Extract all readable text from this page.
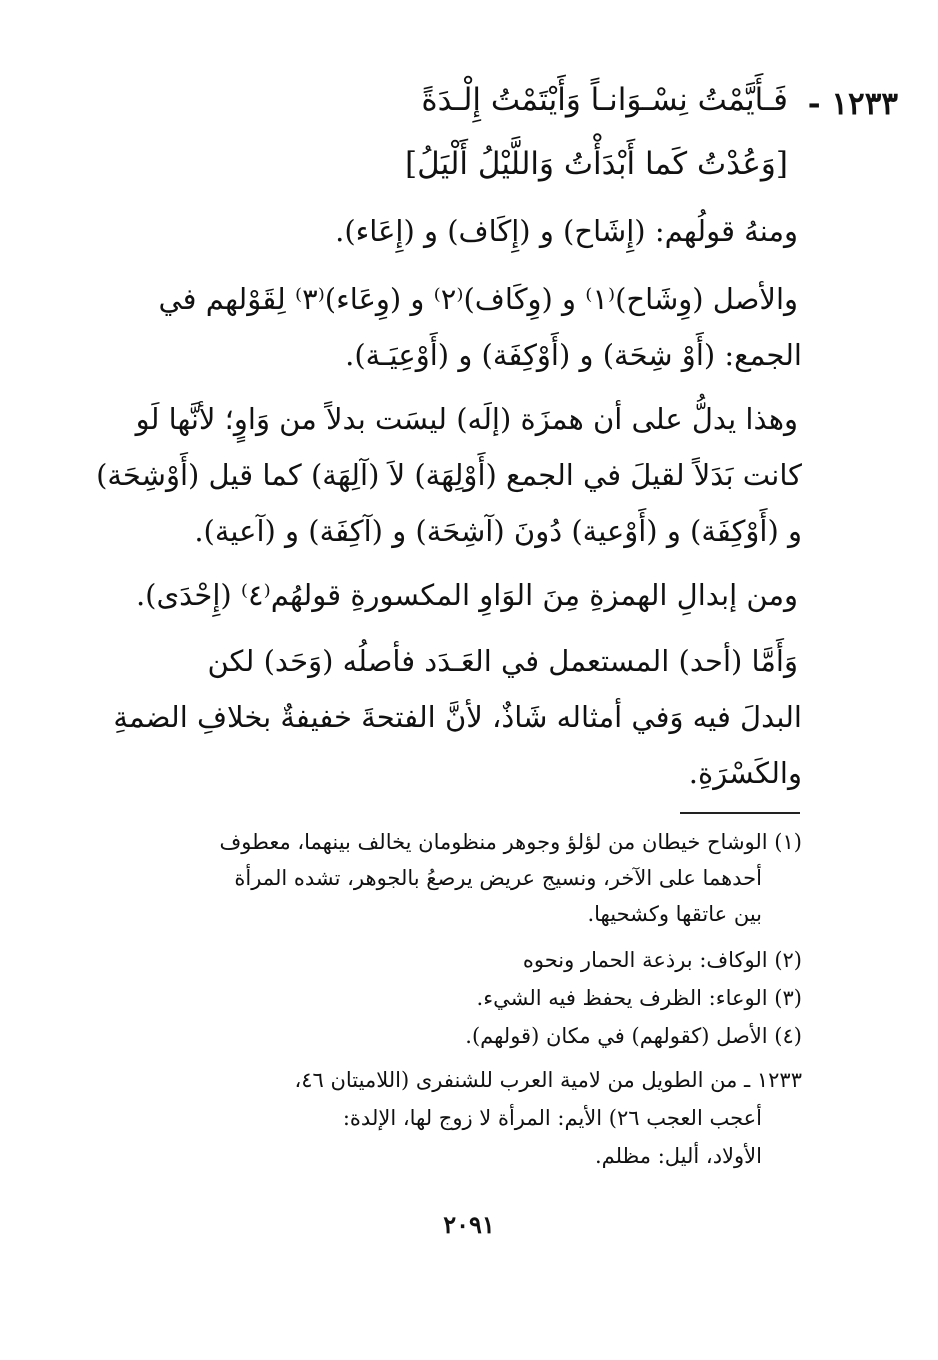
١٢٣٣ -
فَـأَيَّمْتُ نِسْـوَانـاً وَأَيْتَمْتُ إِلْـدَةً
[وَعُدْتُ كَما أَبْدَأْتُ وَاللَّيْلُ أَلْيَلُ]
ومنهُ قولُهم: (إِشَاح) و (إِكَاف) و (إِعَاء).
والأصل (وِشَاح)⁽١⁾ و (وِكَاف)⁽٢⁾ و (وِعَاء)⁽٣⁾ لِقَوْلهم في
الجمع: (أَوْ شِحَة) و (أَوْكِفَة) و (أَوْعِيَـة).
وهذا يدلُّ على أن همزَة (إلَه) ليسَت بدلاً من وَاوٍ؛ لأنَّها لَو
كانت بَدَلاً لقيلَ في الجمع (أَوْلِهَة) لاَ (آلِهَة) كما قيل (أَوْشِحَة)
و (أَوْكِفَة) و (أَوْعية) دُونَ (آشِحَة) و (آكِفَة) و (آعية).
ومن إبدالِ الهمزةِ مِنَ الوَاوِ المكسورةِ قولهُم⁽٤⁾ (إِحْدَى).
وَأَمَّا (أحد) المستعمل في العَـدَد فأصلُه (وَحَد) لكن
البدلَ فيه وَفي أمثاله شَاذٌ، لأنَّ الفتحةَ خفيفةٌ بخلافِ الضمةِ
والكَسْرَةِ.
(١) الوشاح خيطان من لؤلؤ وجوهر منظومان يخالف بينهما، معطوف
أحدهما على الآخر، ونسيج عريض يرصعُ بالجوهر، تشده المرأة
بين عاتقها وكشحيها.
(٢) الوكاف: برذعة الحمار ونحوه
(٣) الوعاء: الظرف يحفظ فيه الشيء.
(٤) الأصل (كقولهم) في مكان (قولهم).
١٢٣٣ ـ من الطويل من لامية العرب للشنفرى (اللاميتان ٤٦،
أعجب العجب ٢٦) الأيم: المرأة لا زوج لها، الإلدة:
الأولاد، أليل: مظلم.
٢٠٩١
